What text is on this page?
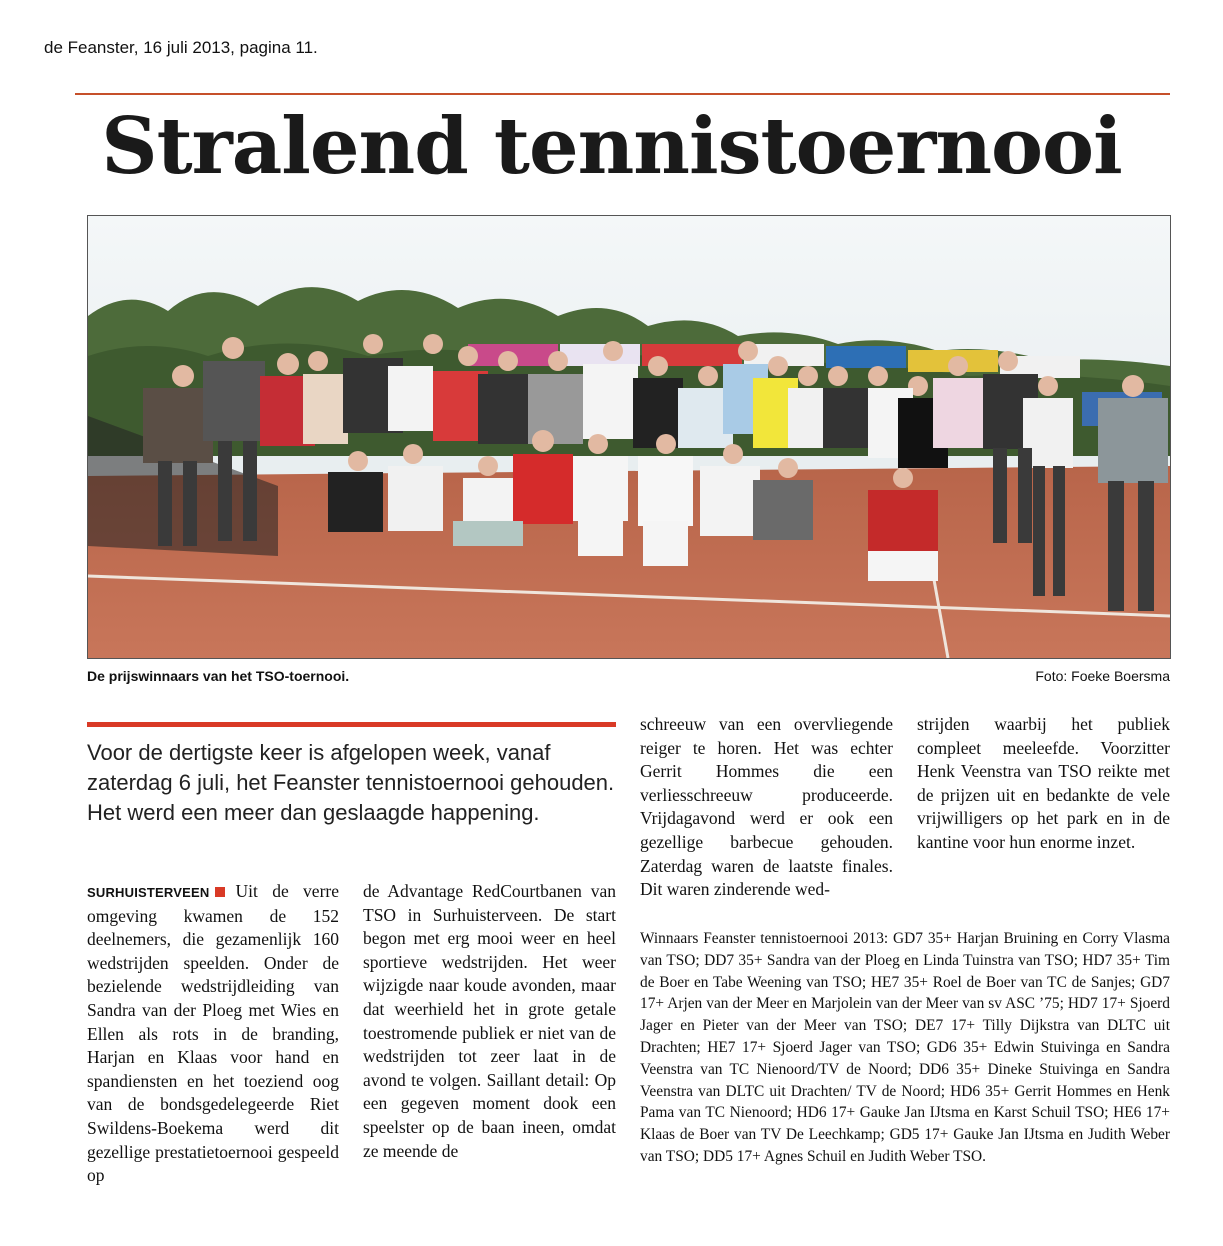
de Feanster, 16 juli 2013, pagina 11.
Stralend tennistoernooi
De prijswinnaars van het TSO-toernooi.	Foto: Foeke Boersma

Voor de dertigste keer is afgelopen week, vanaf zaterdag 6 juli, het Feanster tennistoernooi gehouden. Het werd een meer dan geslaagde happening.

SURHUISTERVEEN Uit de verre omgeving kwamen de 152 deelnemers, die gezamenlijk 160 wedstrijden speelden. Onder de bezielende wedstrijdleiding van Sandra van der Ploeg met Wies en Ellen als rots in de branding, Harjan en Klaas voor hand en spandiensten en het toeziend oog van de bondsgedelegeerde Riet Swildens-Boekema werd dit gezellige prestatietoernooi gespeeld op

de Advantage RedCourtbanen van TSO in Surhuisterveen. De start begon met erg mooi weer en heel sportieve wedstrijden. Het weer wijzigde naar koude avonden, maar dat weerhield het in grote getale toestromende publiek er niet van de wedstrijden tot zeer laat in de avond te volgen. Saillant detail: Op een gegeven moment dook een speelster op de baan ineen, omdat ze meende de

schreeuw van een overvliegende reiger te horen. Het was echter Gerrit Hommes die een verliesschreeuw produceerde. Vrijdagavond werd er ook een gezellige barbecue gehouden. Zaterdag waren de laatste finales. Dit waren zinderende wed-

strijden waarbij het publiek compleet meeleefde. Voorzitter Henk Veenstra van TSO reikte met de prijzen uit en bedankte de vele vrijwilligers op het park en in de kantine voor hun enorme inzet.

Winnaars Feanster tennistoernooi 2013: GD7 35+ Harjan Bruining en Corry Vlasma van TSO; DD7 35+ Sandra van der Ploeg en Linda Tuinstra van TSO; HD7 35+ Tim de Boer en Tabe Weening van TSO; HE7 35+ Roel de Boer van TC de Sanjes; GD7 17+ Arjen van der Meer en Marjolein van der Meer van sv ASC ’75; HD7 17+ Sjoerd Jager en Pieter van der Meer van TSO; DE7 17+ Tilly Dijkstra van DLTC uit Drachten; HE7 17+ Sjoerd Jager van TSO; GD6 35+ Edwin Stuivinga en Sandra Veenstra van TC Nienoord/TV de Noord; DD6 35+ Dineke Stuivinga en Sandra Veenstra van DLTC uit Drachten/ TV de Noord; HD6 35+ Gerrit Hommes en Henk Pama van TC Nienoord; HD6 17+ Gauke Jan IJtsma en Karst Schuil TSO; HE6 17+ Klaas de Boer van TV De Leechkamp; GD5 17+ Gauke Jan IJtsma en Judith Weber van TSO; DD5 17+ Agnes Schuil en Judith Weber TSO.
